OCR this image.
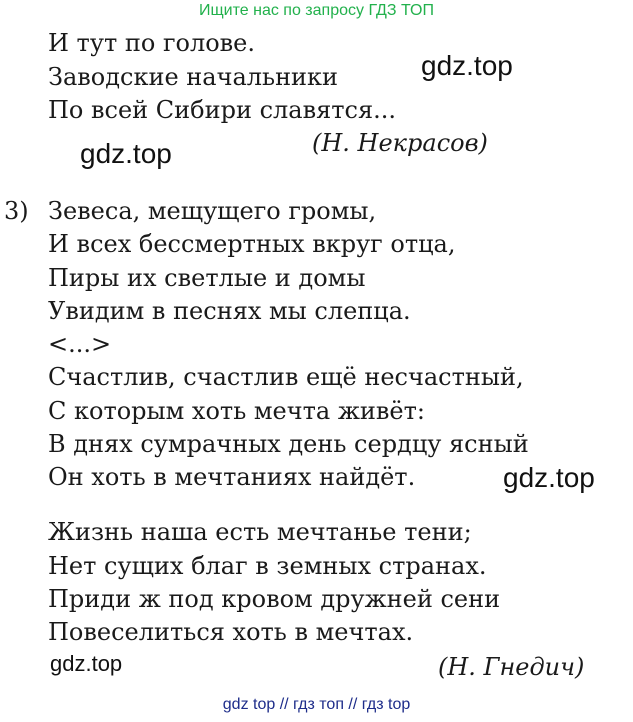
Ищите нас по запросу ГДЗ ТОП
И тут по голове.
Заводские начальники
По всей Сибири славятся...
(Н. Некрасов)
3) Зевеса, мещущего громы,
И всех бессмертных вкруг отца,
Пиры их светлые и домы
Увидим в песнях мы слепца.
<...>
Счастлив, счастлив ещё несчастный,
С которым хоть мечта живёт:
В днях сумрачных день сердцу ясный
Он хоть в мечтаниях найдёт.
Жизнь наша есть мечтанье тени;
Нет сущих благ в земных странах.
Приди ж под кровом дружней сени
Повеселиться хоть в мечтах.
(Н. Гнедич)
gdz.top
gdz.top
gdz.top
gdz.top
gdz top // гдз топ // гдз top
